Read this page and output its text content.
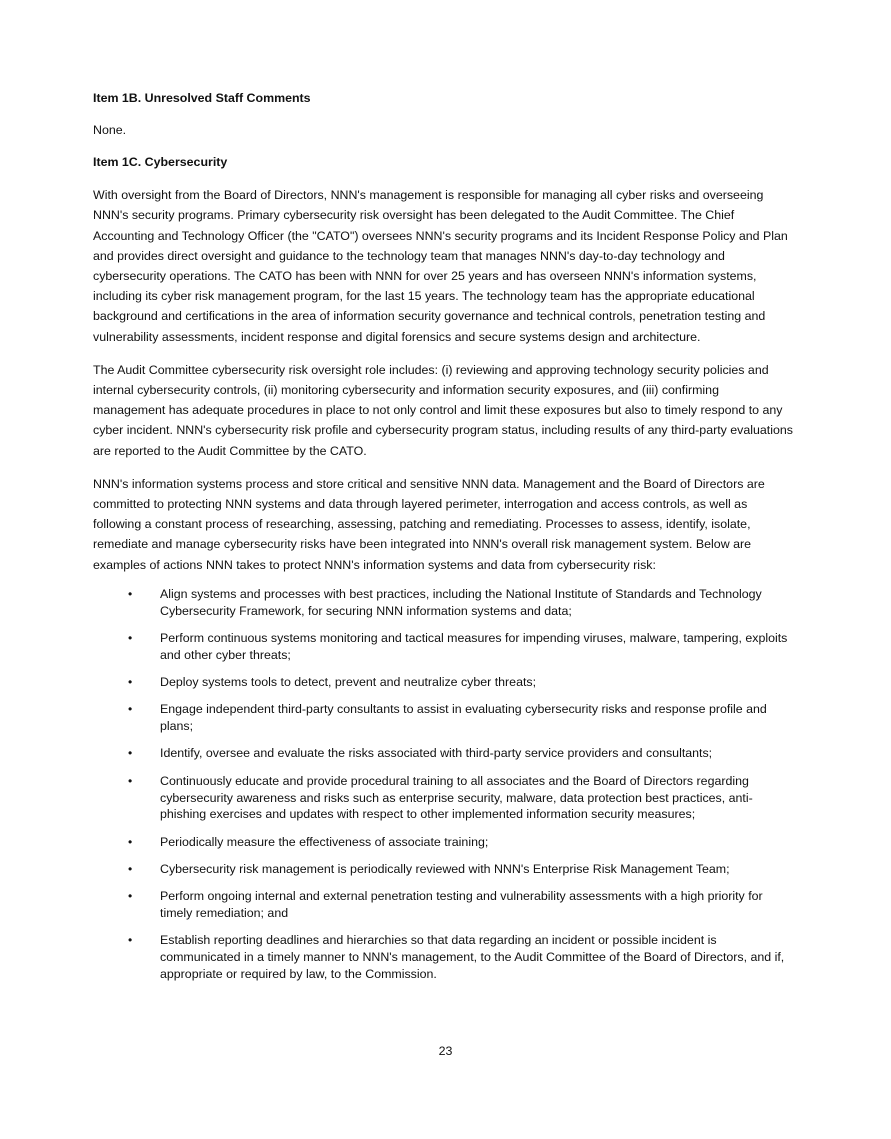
Item 1B. Unresolved Staff Comments

None.

Item 1C. Cybersecurity

With oversight from the Board of Directors, NNN's management is responsible for managing all cyber risks and overseeing NNN's security programs. Primary cybersecurity risk oversight has been delegated to the Audit Committee. The Chief Accounting and Technology Officer (the "CATO") oversees NNN's security programs and its Incident Response Policy and Plan and provides direct oversight and guidance to the technology team that manages NNN's day-to-day technology and cybersecurity operations. The CATO has been with NNN for over 25 years and has overseen NNN's information systems, including its cyber risk management program, for the last 15 years. The technology team has the appropriate educational background and certifications in the area of information security governance and technical controls, penetration testing and vulnerability assessments, incident response and digital forensics and secure systems design and architecture.

The Audit Committee cybersecurity risk oversight role includes: (i) reviewing and approving technology security policies and internal cybersecurity controls, (ii) monitoring cybersecurity and information security exposures, and (iii) confirming management has adequate procedures in place to not only control and limit these exposures but also to timely respond to any cyber incident. NNN's cybersecurity risk profile and cybersecurity program status, including results of any third-party evaluations are reported to the Audit Committee by the CATO.

NNN's information systems process and store critical and sensitive NNN data. Management and the Board of Directors are committed to protecting NNN systems and data through layered perimeter, interrogation and access controls, as well as following a constant process of researching, assessing, patching and remediating. Processes to assess, identify, isolate, remediate and manage cybersecurity risks have been integrated into NNN's overall risk management system. Below are examples of actions NNN takes to protect NNN's information systems and data from cybersecurity risk:

• Align systems and processes with best practices, including the National Institute of Standards and Technology Cybersecurity Framework, for securing NNN information systems and data;
• Perform continuous systems monitoring and tactical measures for impending viruses, malware, tampering, exploits and other cyber threats;
• Deploy systems tools to detect, prevent and neutralize cyber threats;
• Engage independent third-party consultants to assist in evaluating cybersecurity risks and response profile and plans;
• Identify, oversee and evaluate the risks associated with third-party service providers and consultants;
• Continuously educate and provide procedural training to all associates and the Board of Directors regarding cybersecurity awareness and risks such as enterprise security, malware, data protection best practices, anti-phishing exercises and updates with respect to other implemented information security measures;
• Periodically measure the effectiveness of associate training;
• Cybersecurity risk management is periodically reviewed with NNN's Enterprise Risk Management Team;
• Perform ongoing internal and external penetration testing and vulnerability assessments with a high priority for timely remediation; and
• Establish reporting deadlines and hierarchies so that data regarding an incident or possible incident is communicated in a timely manner to NNN's management, to the Audit Committee of the Board of Directors, and if, appropriate or required by law, to the Commission.
23
